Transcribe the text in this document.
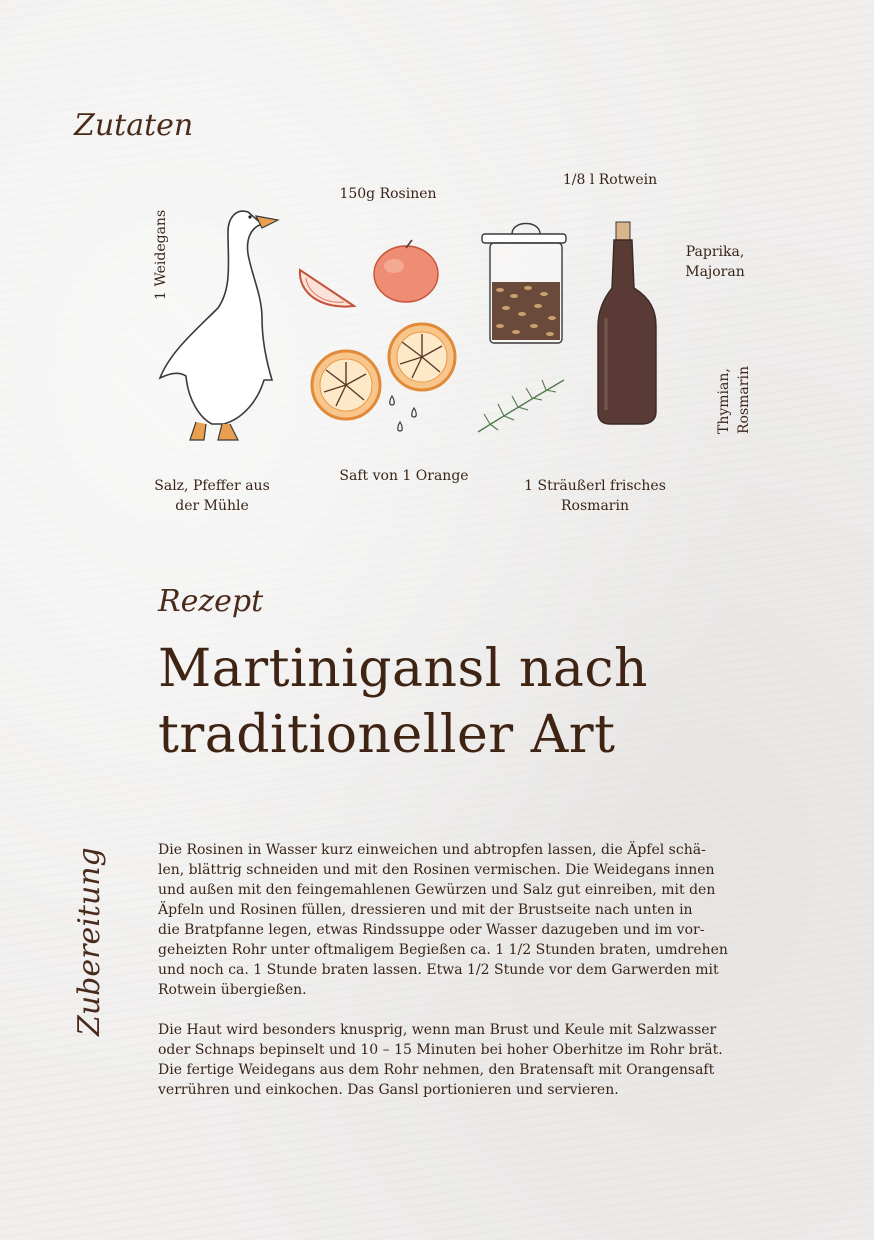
Zutaten
1 Weidegans
150g Rosinen
1/8 l Rotwein
Paprika,
Majoran
Thymian, Rosmarin
Salz, Pfeffer aus
der Mühle
Saft von 1 Orange
1 Sträußerl frisches
Rosmarin
Rezept
Martinigansl nach
traditioneller Art
Zubereitung	Die Rosinen in Wasser kurz einweichen und abtropfen lassen, die Äpfel schä-

len, blättrig schneiden und mit den Rosinen vermischen. Die Weidegans innen

und außen mit den feingemahlenen Gewürzen und Salz gut einreiben, mit den

Äpfeln und Rosinen füllen, dressieren und mit der Brustseite nach unten in

die Bratpfanne legen, etwas Rindssuppe oder Wasser dazugeben und im vor-

geheizten Rohr unter oftmaligem Begießen ca. 1 1/2 Stunden braten, umdrehen

und noch ca. 1 Stunde braten lassen. Etwa 1/2 Stunde vor dem Garwerden mit

Rotwein übergießen.

Die Haut wird besonders knusprig, wenn man Brust und Keule mit Salzwasser

oder Schnaps bepinselt und 10 – 15 Minuten bei hoher Oberhitze im Rohr brät.

Die fertige Weidegans aus dem Rohr nehmen, den Bratensaft mit Orangensaft

verrühren und einkochen. Das Gansl portionieren und servieren.
